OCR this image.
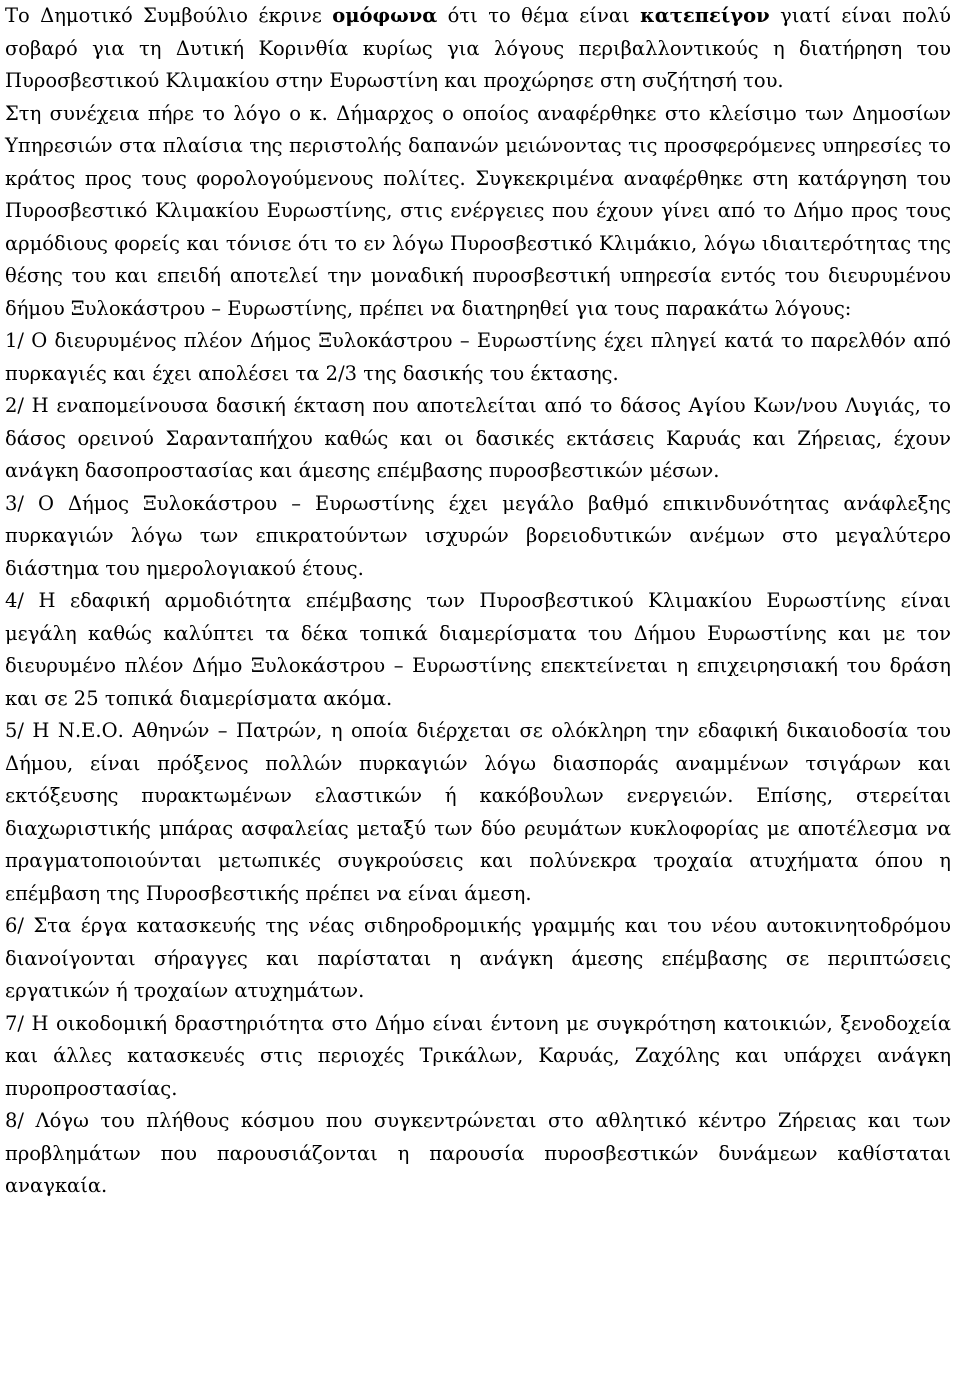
Το Δημοτικό Συμβούλιο έκρινε ομόφωνα ότι το θέμα είναι κατεπείγον γιατί είναι πολύ σοβαρό για τη Δυτική Κορινθία κυρίως για λόγους περιβαλλοντικούς η διατήρηση του Πυροσβεστικού Κλιμακίου στην Ευρωστίνη και προχώρησε στη συζήτησή του.

Στη συνέχεια πήρε το λόγο ο κ. Δήμαρχος ο οποίος αναφέρθηκε στο κλείσιμο των Δημοσίων Υπηρεσιών στα πλαίσια της περιστολής δαπανών μειώνοντας τις προσφερόμενες υπηρεσίες το κράτος προς τους φορολογούμενους πολίτες. Συγκεκριμένα αναφέρθηκε στη κατάργηση του Πυροσβεστικό Κλιμακίου Ευρωστίνης, στις ενέργειες που έχουν γίνει από το Δήμο προς τους αρμόδιους φορείς και τόνισε ότι το εν λόγω Πυροσβεστικό Κλιμάκιο, λόγω ιδιαιτερότητας της θέσης του και επειδή αποτελεί την μοναδική πυροσβεστική υπηρεσία εντός του διευρυμένου δήμου Ξυλοκάστρου – Ευρωστίνης, πρέπει να διατηρηθεί για τους παρακάτω λόγους:

1/ Ο διευρυμένος πλέον Δήμος Ξυλοκάστρου – Ευρωστίνης έχει πληγεί κατά το παρελθόν από πυρκαγιές και έχει απολέσει τα 2/3 της δασικής του έκτασης.

2/ Η εναπομείνουσα δασική έκταση που αποτελείται από το δάσος Αγίου Κων/νου Λυγιάς, το δάσος ορεινού Σαρανταπήχου καθώς και οι δασικές εκτάσεις Καρυάς και Ζήρειας, έχουν ανάγκη δασοπροστασίας και άμεσης επέμβασης πυροσβεστικών μέσων.

3/ Ο Δήμος Ξυλοκάστρου – Ευρωστίνης έχει μεγάλο βαθμό επικινδυνότητας ανάφλεξης πυρκαγιών λόγω των επικρατούντων ισχυρών βορειοδυτικών ανέμων στο μεγαλύτερο διάστημα του ημερολογιακού έτους.

4/ Η εδαφική αρμοδιότητα επέμβασης των Πυροσβεστικού Κλιμακίου Ευρωστίνης είναι μεγάλη καθώς καλύπτει τα δέκα τοπικά διαμερίσματα του Δήμου Ευρωστίνης και με τον διευρυμένο πλέον Δήμο Ξυλοκάστρου – Ευρωστίνης επεκτείνεται η επιχειρησιακή του δράση και σε 25 τοπικά διαμερίσματα ακόμα.

5/ Η Ν.Ε.Ο. Αθηνών – Πατρών, η οποία διέρχεται σε ολόκληρη την εδαφική δικαιοδοσία του Δήμου, είναι πρόξενος πολλών πυρκαγιών λόγω διασποράς αναμμένων τσιγάρων και εκτόξευσης πυρακτωμένων ελαστικών ή κακόβουλων ενεργειών. Επίσης, στερείται διαχωριστικής μπάρας ασφαλείας μεταξύ των δύο ρευμάτων κυκλοφορίας με αποτέλεσμα να πραγματοποιούνται μετωπικές συγκρούσεις και πολύνεκρα τροχαία ατυχήματα όπου η επέμβαση της Πυροσβεστικής πρέπει να είναι άμεση.

6/ Στα έργα κατασκευής της νέας σιδηροδρομικής γραμμής και του νέου αυτοκινητοδρόμου διανοίγονται σήραγγες και παρίσταται η ανάγκη άμεσης επέμβασης σε περιπτώσεις εργατικών ή τροχαίων ατυχημάτων.

7/ Η οικοδομική δραστηριότητα στο Δήμο είναι έντονη με συγκρότηση κατοικιών, ξενοδοχεία και άλλες κατασκευές στις περιοχές Τρικάλων, Καρυάς, Ζαχόλης και υπάρχει ανάγκη πυροπροστασίας.

8/ Λόγω του πλήθους κόσμου που συγκεντρώνεται στο αθλητικό κέντρο Ζήρειας και των προβλημάτων που παρουσιάζονται η παρουσία πυροσβεστικών δυνάμεων καθίσταται αναγκαία.
